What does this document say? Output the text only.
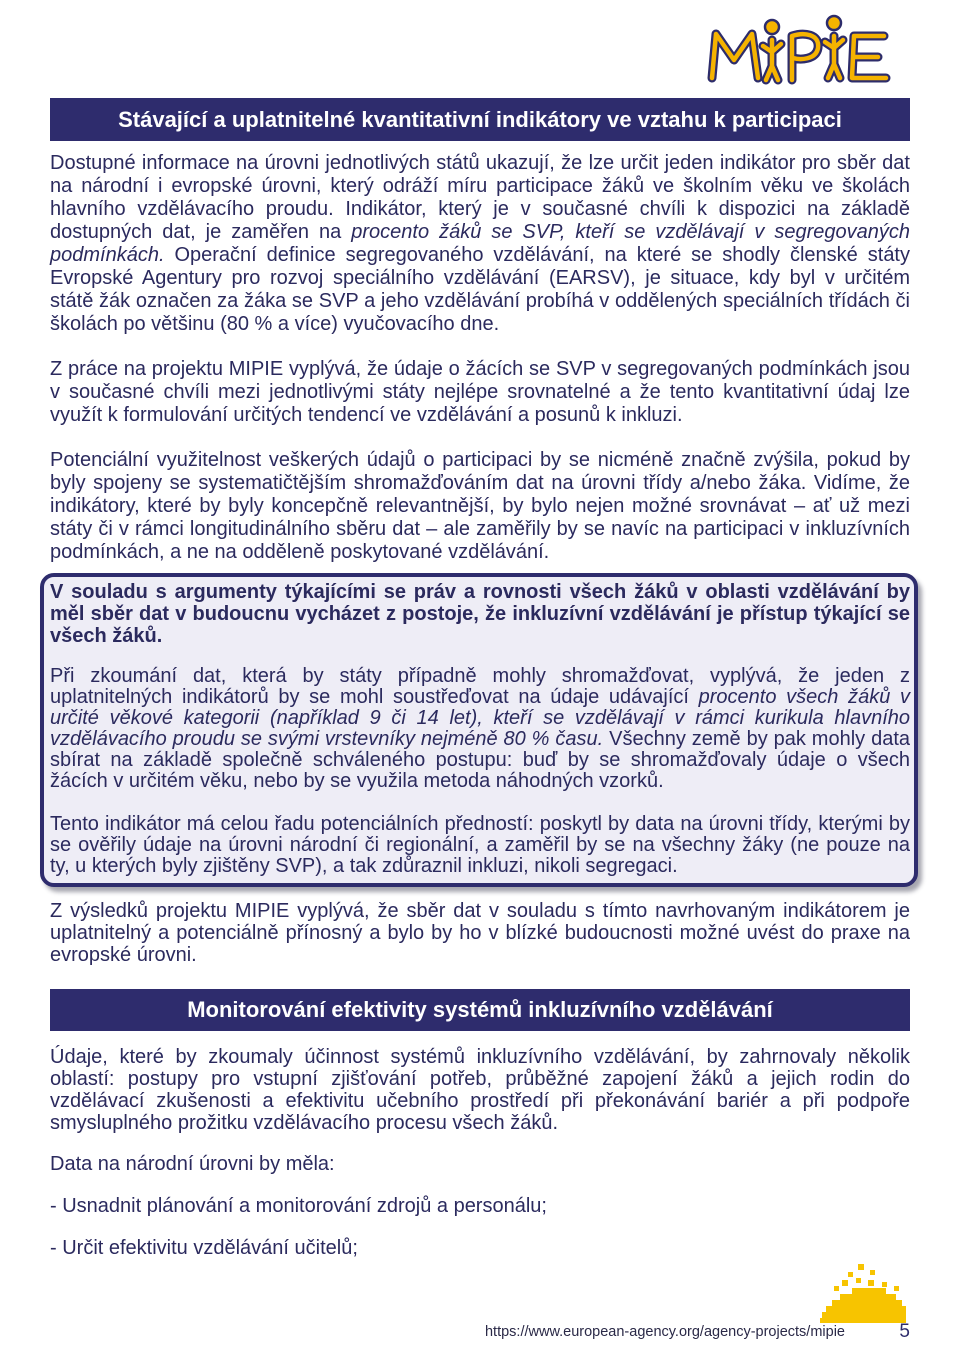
Stávající a uplatnitelné kvantitativní indikátory ve vztahu k participaci

Dostupné informace na úrovni jednotlivých států ukazují, že lze určit jeden indikátor pro sběr dat na národní i evropské úrovni, který odráží míru participace žáků ve školním věku ve školách hlavního vzdělávacího proudu. Indikátor, který je v současné chvíli k dispozici na základě dostupných dat, je zaměřen na procento žáků se SVP, kteří se vzdělávají v segregovaných podmínkách. Operační definice segregovaného vzdělávání, na které se shodly členské státy Evropské Agentury pro rozvoj speciálního vzdělávání (EARSV), je situace, kdy byl v určitém státě žák označen za žáka se SVP a jeho vzdělávání probíhá v oddělených speciálních třídách či školách po většinu (80 % a více) vyučovacího dne.

Z práce na projektu MIPIE vyplývá, že údaje o žácích se SVP v segregovaných podmínkách jsou v současné chvíli mezi jednotlivými státy nejlépe srovnatelné a že tento kvantitativní údaj lze využít k formulování určitých tendencí ve vzdělávání a posunů k inkluzi.

Potenciální využitelnost veškerých údajů o participaci by se nicméně značně zvýšila, pokud by byly spojeny se systematičtějším shromažďováním dat na úrovni třídy a/nebo žáka. Vidíme, že indikátory, které by byly koncepčně relevantnější, by bylo nejen možné srovnávat – ať už mezi státy či v rámci longitudinálního sběru dat – ale zaměřily by se navíc na participaci v inkluzívních podmínkách, a ne na odděleně poskytované vzdělávání.

V souladu s argumenty týkajícími se práv a rovnosti všech žáků v oblasti vzdělávání by měl sběr dat v budoucnu vycházet z postoje, že inkluzívní vzdělávání je přístup týkající se všech žáků.

Při zkoumání dat, která by státy případně mohly shromažďovat, vyplývá, že jeden z uplatnitelných indikátorů by se mohl soustřeďovat na údaje udávající procento všech žáků v určité věkové kategorii (například 9 či 14 let), kteří se vzdělávají v rámci kurikula hlavního vzdělávacího proudu se svými vrstevníky nejméně 80 % času. Všechny země by pak mohly data sbírat na základě společně schváleného postupu: buď by se shromažďovaly údaje o všech žácích v určitém věku, nebo by se využila metoda náhodných vzorků.

Tento indikátor má celou řadu potenciálních předností: poskytl by data na úrovni třídy, kterými by se ověřily údaje na úrovni národní či regionální, a zaměřil by se na všechny žáky (ne pouze na ty, u kterých byly zjištěny SVP), a tak zdůraznil inkluzi, nikoli segregaci.

Z výsledků projektu MIPIE vyplývá, že sběr dat v souladu s tímto navrhovaným indikátorem je uplatnitelný a potenciálně přínosný a bylo by ho v blízké budoucnosti možné uvést do praxe na evropské úrovni.

Monitorování efektivity systémů inkluzívního vzdělávání

Údaje, které by zkoumaly účinnost systémů inkluzívního vzdělávání, by zahrnovaly několik oblastí: postupy pro vstupní zjišťování potřeb, průběžné zapojení žáků a jejich rodin do vzdělávací zkušenosti a efektivitu učebního prostředí při překonávání bariér a při podpoře smysluplného prožitku vzdělávacího procesu všech žáků.

Data na národní úrovni by měla:

- Usnadnit plánování a monitorování zdrojů a personálu;

- Určit efektivitu vzdělávání učitelů;

https://www.european-agency.org/agency-projects/mipie	5
